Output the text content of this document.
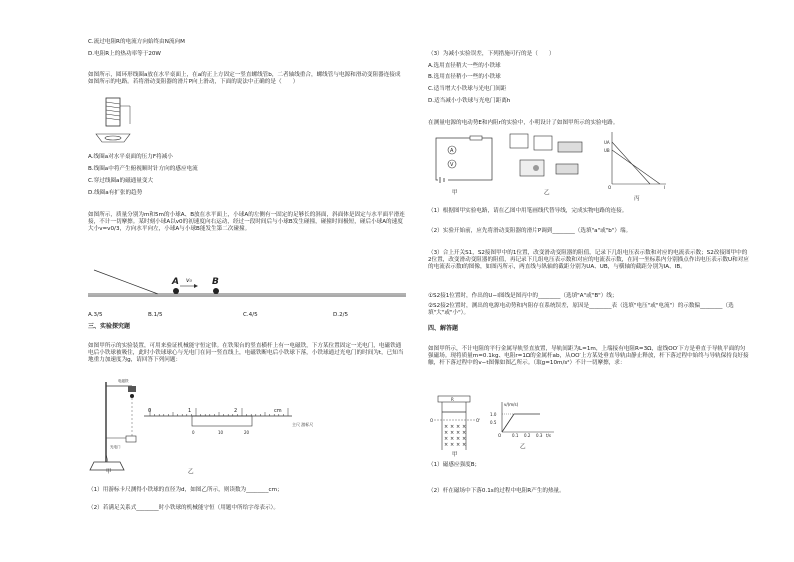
C.流过电阻R的电流方向始终由N流向M
D.电阻R上的热功率等于20W
如图所示，圆环形线圈a放在水平桌面上，在a的正上方固定一竖直螺线管b，二者轴线重合，螺线管与电源和滑动变阻器连接成如图所示的电路。若将滑动变阻器的滑片P向上滑动，下面的说法中正确的是（　　）
A.线圈a对水平桌面的压力F将减小
B.线圈a中将产生俯视顺时针方向的感应电流
C.穿过线圈a的磁通量变大
D.线圈a有扩张的趋势
如图所示，质量分别为m和5m的小球A、B放在水平面上，小球A的左侧有一固定的足够长的斜面，斜面体是固定与水平面平滑连接，不计一切摩擦。某时刻小球A以v0的初速度向右运动，经过一段时间后与小球B发生碰撞，碰撞时间极短，碰后小球A的速度大小v=v0/3，方向水平向左，小球A与小球B能发生第二次碰撞。
A v₀ B
A.3/5	B.1/5	C.4/5	D.2/5
三、实验探究题
如图甲所示的实验装置，可用来验证机械能守恒定律。在铁架台的竖直横杆上有一电磁铁，下方某位置固定一光电门，电磁铁通电后小铁球被吸住，此时小铁球球心与光电门在同一竖直线上，电磁铁断电后小铁球下落，小铁球通过光电门的时间为t，已知当地重力加速度为g，请回答下列问题：
电磁铁
光电门
0	1	2	cm
0	10	20
主尺 游标尺
甲	乙
（1）用游标卡尺测得小铁球的直径为d，如图乙所示，则读数为________cm；
（2）若满足关系式________时小铁球的机械能守恒（用题中所给字母表示）。
（3）为减小实验误差，下列措施可行的是（　　）
A.选用直径稍大一些的小铁球
B.选用直径稍小一些的小铁球
C.适当增大小铁球与光电门间距
D.适当减小小铁球与光电门距离h
在测量电源的电动势E和内阻r的实验中，小明设计了如图甲所示的实验电路。
A
V
UA
UB
O	I
甲	乙
丙
（1）根据图甲实验电路，请在乙图中用笔画线代替导线，完成实物电路的连接。
（2）实验开始前，应先将滑动变阻器的滑片P调到________（选填"a"或"b"）端。
（3）合上开关S1，S2接图甲中的1位置，改变滑动变阻器的阻值，记录下几组电压表示数和对应的电流表示数；S2改接图甲中的2位置，改变滑动变阻器的阻值，再记录下几组电压表示数和对应的电流表示数，在同一坐标系内分别描点作出电压表示数U和对应的电流表示数I的图像，如图丙所示，两直线与纵轴的截距分别为UA、UB，与横轴的截距分别为IA、IB。
①S2接1位置时，作出的U−I图线是图丙中的________（选填"A"或"B"）线；
②S2接2位置时，测出的电源电动势和内阻存在系统误差，原因是________表（选填"电压"或"电流"）的示数偏________（选填"大"或"小"）。
四、解答题
如图甲所示，不计电阻的平行金属导轨竖直放置，导轨间距为L=1m，上端接有电阻R=3Ω，虚线OO′下方是垂直于导轨平面的匀强磁场。现将质量m=0.1kg、电阻r=1Ω的金属杆ab，从OO′上方某处垂直导轨由静止释放，杆下落过程中始终与导轨保持良好接触，杆下落过程中的v−t图像如图乙所示。（取g=10m/s²）不计一切摩擦，求：
R
O	O'
× × × ×
× × × ×
× × × ×
× × × ×
v/(m/s)
1.0
0.5
O	0.1 0.2 0.3 t/s
甲
乙
（1）磁感应强度B；
（2）杆在磁场中下落0.1s的过程中电阻R产生的热量。
